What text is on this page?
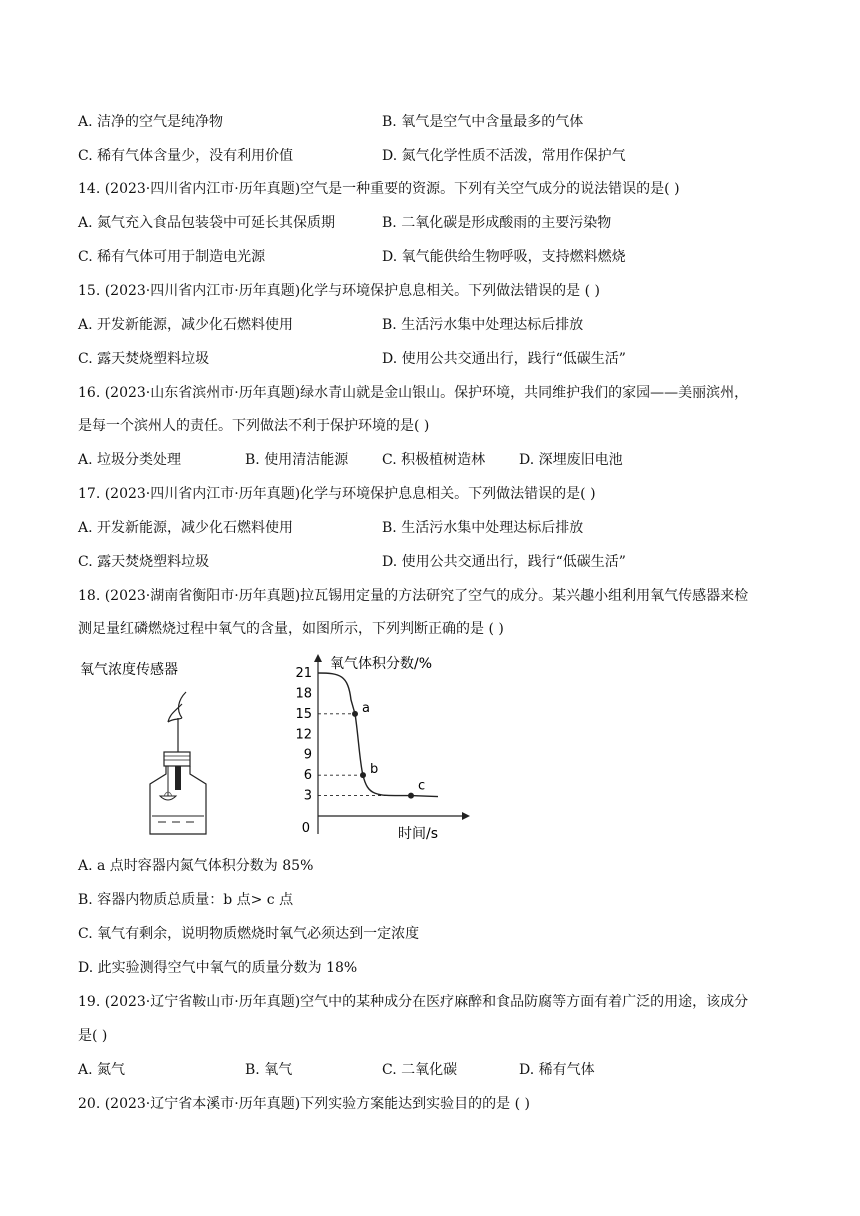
A. 洁净的空气是纯净物	B. 氧气是空气中含量最多的气体
C. 稀有气体含量少，没有利用价值	D. 氮气化学性质不活泼，常用作保护气
14. (2023·四川省内江市·历年真题)空气是一种重要的资源。下列有关空气成分的说法错误的是( )
A. 氮气充入食品包装袋中可延长其保质期	B. 二氧化碳是形成酸雨的主要污染物
C. 稀有气体可用于制造电光源	D. 氧气能供给生物呼吸，支持燃料燃烧
15. (2023·四川省内江市·历年真题)化学与环境保护息息相关。下列做法错误的是 ( )
A. 开发新能源，减少化石燃料使用	B. 生活污水集中处理达标后排放
C. 露天焚烧塑料垃圾	D. 使用公共交通出行，践行“低碳生活”
16. (2023·山东省滨州市·历年真题)绿水青山就是金山银山。保护环境，共同维护我们的家园——美丽滨州，
是每一个滨州人的责任。下列做法不利于保护环境的是( )
A. 垃圾分类处理	B. 使用清洁能源 C. 积极植树造林 D. 深埋废旧电池
17. (2023·四川省内江市·历年真题)化学与环境保护息息相关。下列做法错误的是( )
A. 开发新能源，减少化石燃料使用	B. 生活污水集中处理达标后排放
C. 露天焚烧塑料垃圾	D. 使用公共交通出行，践行“低碳生活”
18. (2023·湖南省衡阳市·历年真题)拉瓦锡用定量的方法研究了空气的成分。某兴趣小组利用氧气传感器来检
测足量红磷燃烧过程中氧气的含量，如图所示，下列判断正确的是 ( )
氧气浓度传感器	氧气体积分数/%
时间/s
0
21
18
15
12
9
6
3
a
b
c
A. a 点时容器内氮气体积分数为 85%
B. 容器内物质总质量：b 点> c 点
C. 氧气有剩余，说明物质燃烧时氧气必须达到一定浓度
D. 此实验测得空气中氧气的质量分数为 18%
19. (2023·辽宁省鞍山市·历年真题)空气中的某种成分在医疗麻醉和食品防腐等方面有着广泛的用途，该成分
是( )
A. 氮气	B. 氧气	C. 二氧化碳	D. 稀有气体
20. (2023·辽宁省本溪市·历年真题)下列实验方案能达到实验目的的是 ( )
